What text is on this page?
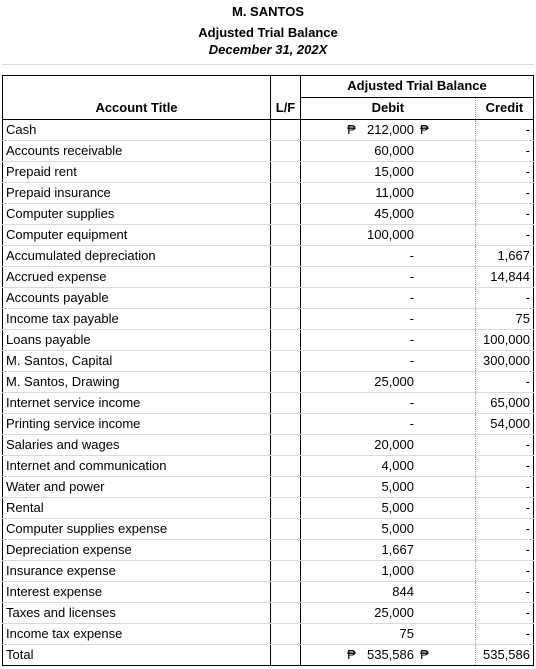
M. SANTOS
Adjusted Trial Balance
December 31, 202X
		Adjusted Trial Balance			
Account Title	L/F	Debit			Credit
Cash		₱	212,000	₱	-
Accounts receivable			60,000		-
Prepaid rent			15,000		-
Prepaid insurance			11,000		-
Computer supplies			45,000		-
Computer equipment			100,000		-
Accumulated depreciation			-		1,667
Accrued expense			-		14,844
Accounts payable			-		-
Income tax payable			-		75
Loans payable			-		100,000
M. Santos, Capital			-		300,000
M. Santos, Drawing			25,000		-
Internet service income			-		65,000
Printing service income			-		54,000
Salaries and wages			20,000		-
Internet and communication			4,000		-
Water and power			5,000		-
Rental			5,000		-
Computer supplies expense			5,000		-
Depreciation expense			1,667		-
Insurance expense			1,000		-
Interest expense			844		-
Taxes and licenses			25,000		-
Income tax expense			75		-
Total		₱	535,586	₱	535,586
